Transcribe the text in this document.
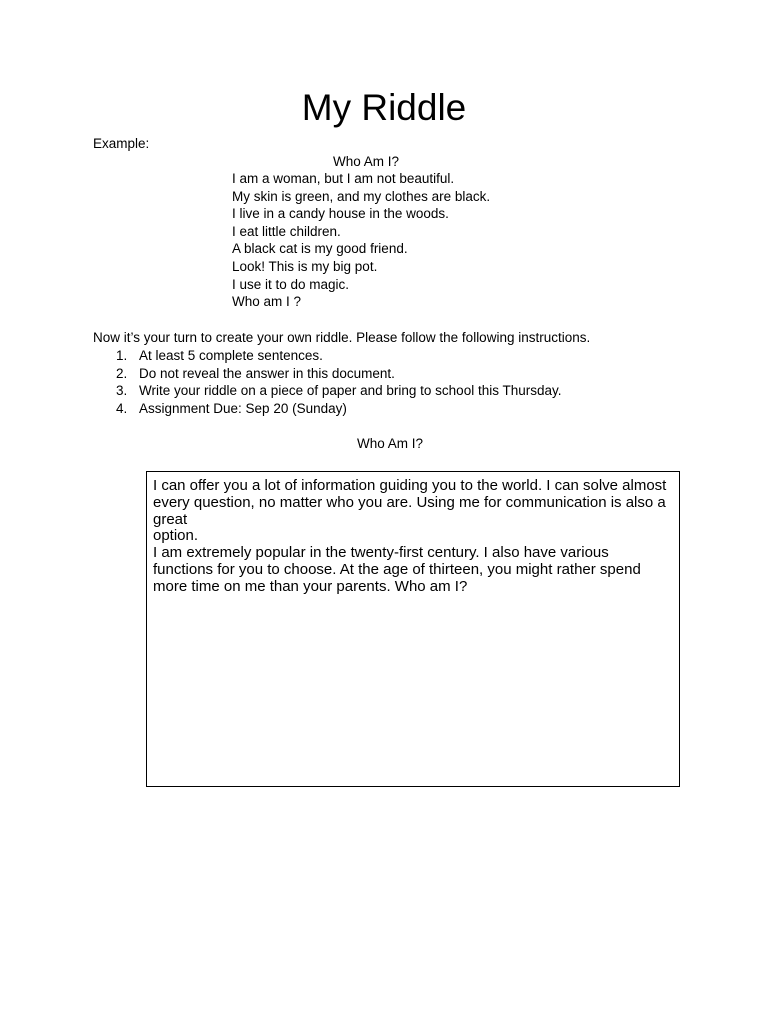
My Riddle
Example:
Who Am I?
I am a woman, but I am not beautiful.
My skin is green, and my clothes are black.
I live in a candy house in the woods.
I eat little children.
A black cat is my good friend.
Look! This is my big pot.
I use it to do magic.
Who am I ?
Now it’s your turn to create your own riddle. Please follow the following instructions.
1. At least 5 complete sentences.
2. Do not reveal the answer in this document.
3. Write your riddle on a piece of paper and bring to school this Thursday.
4. Assignment Due: Sep 20 (Sunday)
Who Am I?

I can offer you a lot of information guiding you to the world. I can solve almost

every question, no matter who you are. Using me for communication is also a great

option.

I am extremely popular in the twenty-first century. I also have various

functions for you to choose. At the age of thirteen, you might rather spend

more time on me than your parents. Who am I?
